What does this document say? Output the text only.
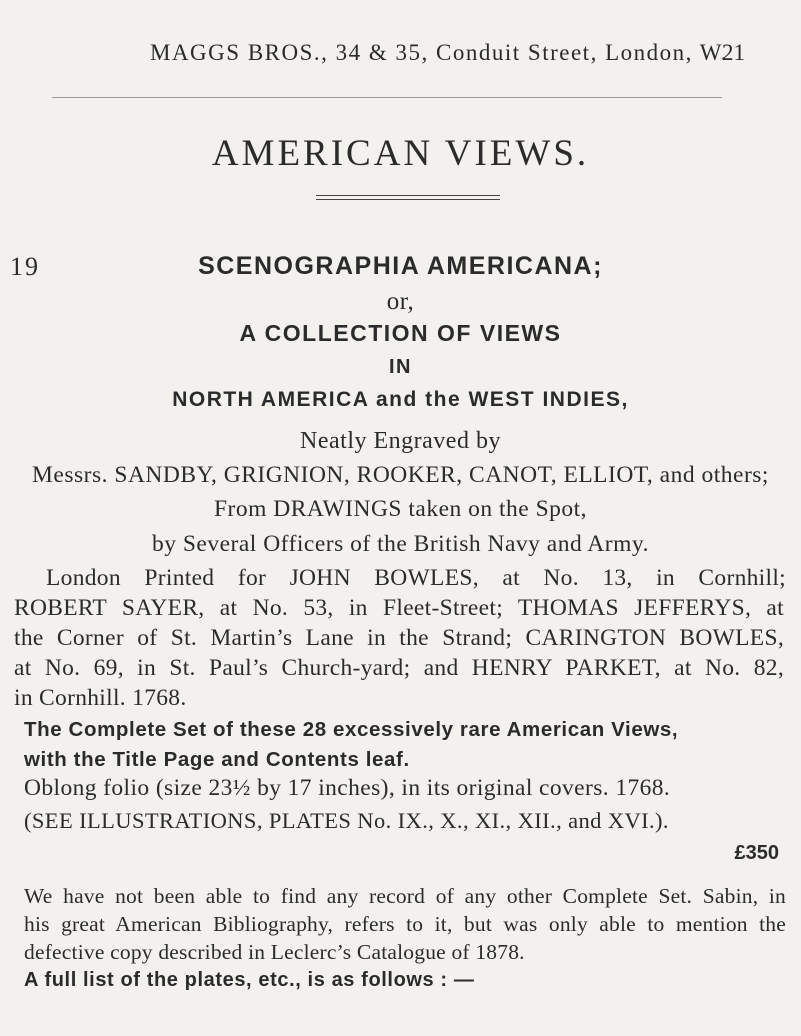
MAGGS BROS., 34 & 35, Conduit Street, London, W.
21
AMERICAN VIEWS.
19	SCENOGRAPHIA AMERICANA;
or,
A COLLECTION OF VIEWS
IN
NORTH AMERICA and the WEST INDIES,
Neatly Engraved by
Messrs. SANDBY, GRIGNION, ROOKER, CANOT, ELLIOT, and others;
From DRAWINGS taken on the Spot,
by Several Officers of the British Navy and Army.
London Printed for JOHN BOWLES, at No. 13, in Cornhill;
ROBERT SAYER, at No. 53, in Fleet-Street; THOMAS JEFFERYS, at
the Corner of St. Martin’s Lane in the Strand; CARINGTON BOWLES,
at No. 69, in St. Paul’s Church-yard; and HENRY PARKET, at No. 82,
in Cornhill. 1768.
The Complete Set of these 28 excessively rare American Views,
with the Title Page and Contents leaf.
Oblong folio (size 23½ by 17 inches), in its original covers. 1768.
(SEE ILLUSTRATIONS, PLATES No. IX., X., XI., XII., and XVI.).
£350
We have not been able to find any record of any other Complete Set. Sabin, in
his great American Bibliography, refers to it, but was only able to mention the
defective copy described in Leclerc’s Catalogue of 1878.
A full list of the plates, etc., is as follows : —
